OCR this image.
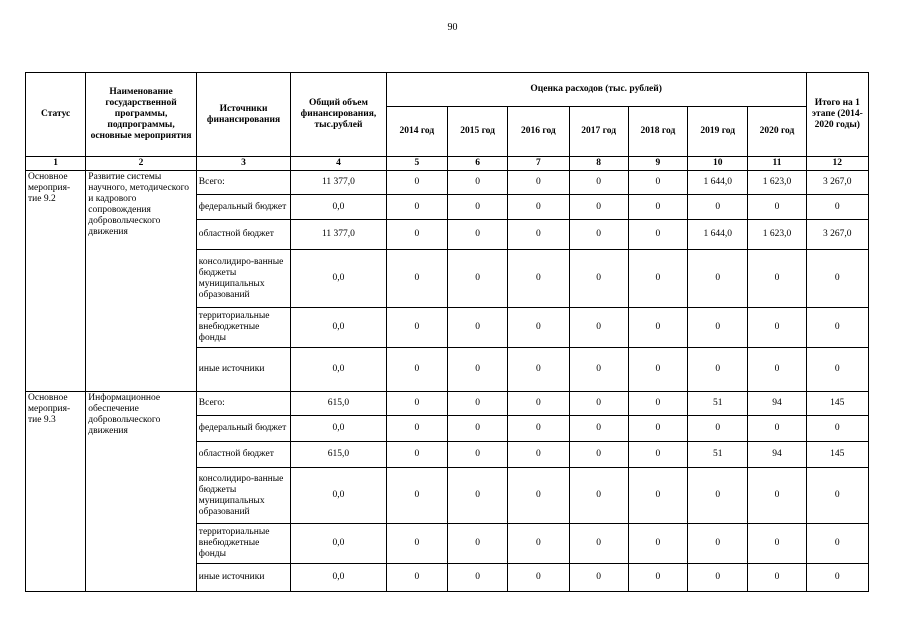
90
Статус	Наименование государственной программы, подпрограммы, основные мероприятия	Источники финансирования	Общий объем финансирования, тыс.рублей	Оценка расходов (тыс. рублей)							Итого на 1 этапе (2014-2020 годы)
				2014 год	2015 год	2016 год	2017 год	2018 год	2019 год	2020 год	
1	2	3	4	5	6	7	8	9	10	11	12
Основное мероприя-тие 9.2	Развитие системы научного, методического и кадрового сопровождения добровольческого движения	Всего:	11 377,0	0	0	0	0	0	1 644,0	1 623,0	3 267,0
		федеральный бюджет	0,0	0	0	0	0	0	0	0	0
		областной бюджет	11 377,0	0	0	0	0	0	1 644,0	1 623,0	3 267,0
		консолидиро-ванные бюджеты муниципальных образований	0,0	0	0	0	0	0	0	0	0
		территориальные внебюджетные фонды	0,0	0	0	0	0	0	0	0	0
		иные источники	0,0	0	0	0	0	0	0	0	0
Основное мероприя-тие 9.3	Информационное обеспечение добровольческого движения	Всего:	615,0	0	0	0	0	0	51	94	145
		федеральный бюджет	0,0	0	0	0	0	0	0	0	0
		областной бюджет	615,0	0	0	0	0	0	51	94	145
		консолидиро-ванные бюджеты муниципальных образований	0,0	0	0	0	0	0	0	0	0
		территориальные внебюджетные фонды	0,0	0	0	0	0	0	0	0	0
		иные источники	0,0	0	0	0	0	0	0	0	0
